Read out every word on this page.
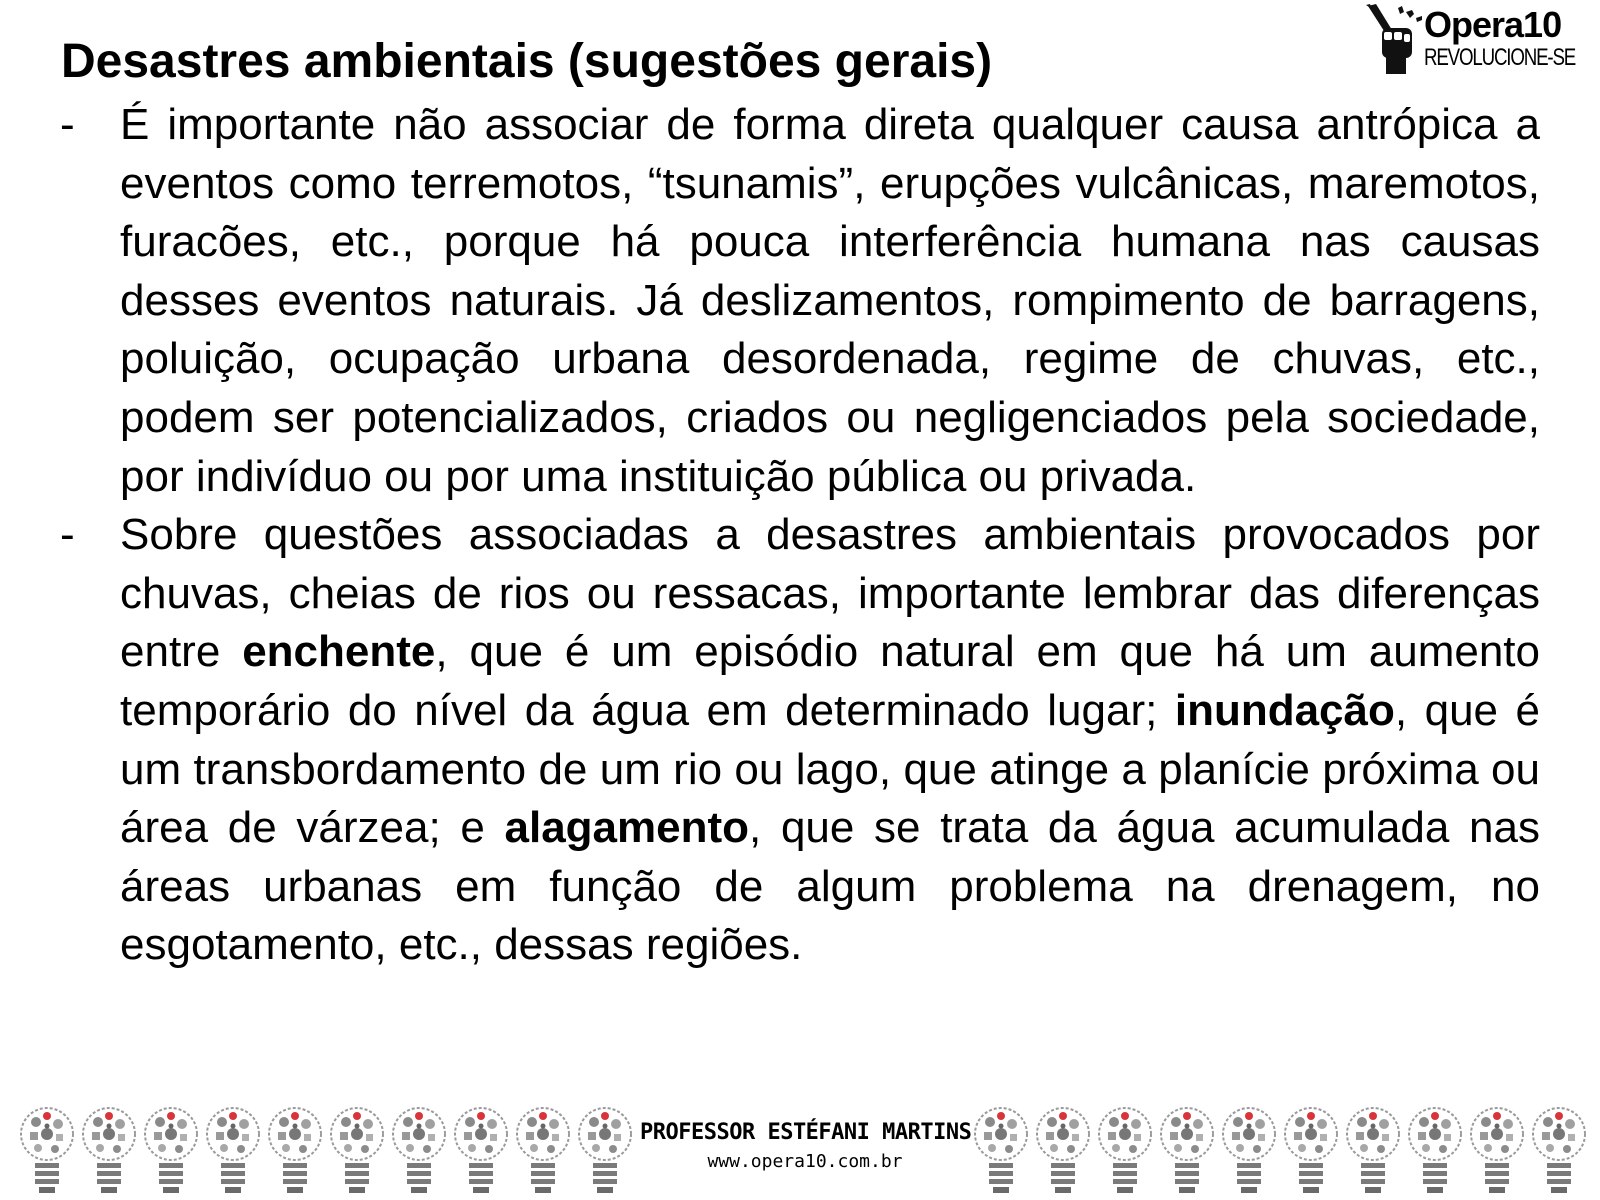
Desastres ambientais (sugestões gerais)
Opera10
REVOLUCIONE-SE
-	É importante não associar de forma direta qualquer causa antrópica a eventos como terremotos, “tsunamis”, erupções vulcânicas, maremotos, furacões, etc., porque há pouca interferência humana nas causas desses eventos naturais. Já deslizamentos, rompimento de barragens, poluição, ocupação urbana desordenada, regime de chuvas, etc., podem ser potencializados, criados ou negligenciados pela sociedade, por indivíduo ou por uma instituição pública ou privada.
-	Sobre questões associadas a desastres ambientais provocados por chuvas, cheias de rios ou ressacas, importante lembrar das diferenças entre enchente, que é um episódio natural em que há um aumento temporário do nível da água em determinado lugar; inundação, que é um transbordamento de um rio ou lago, que atinge a planície próxima ou área de várzea; e alagamento, que se trata da água acumulada nas áreas urbanas em função de algum problema na drenagem, no esgotamento, etc., dessas regiões.
PROFESSOR ESTÉFANI MARTINS
www.opera10.com.br
